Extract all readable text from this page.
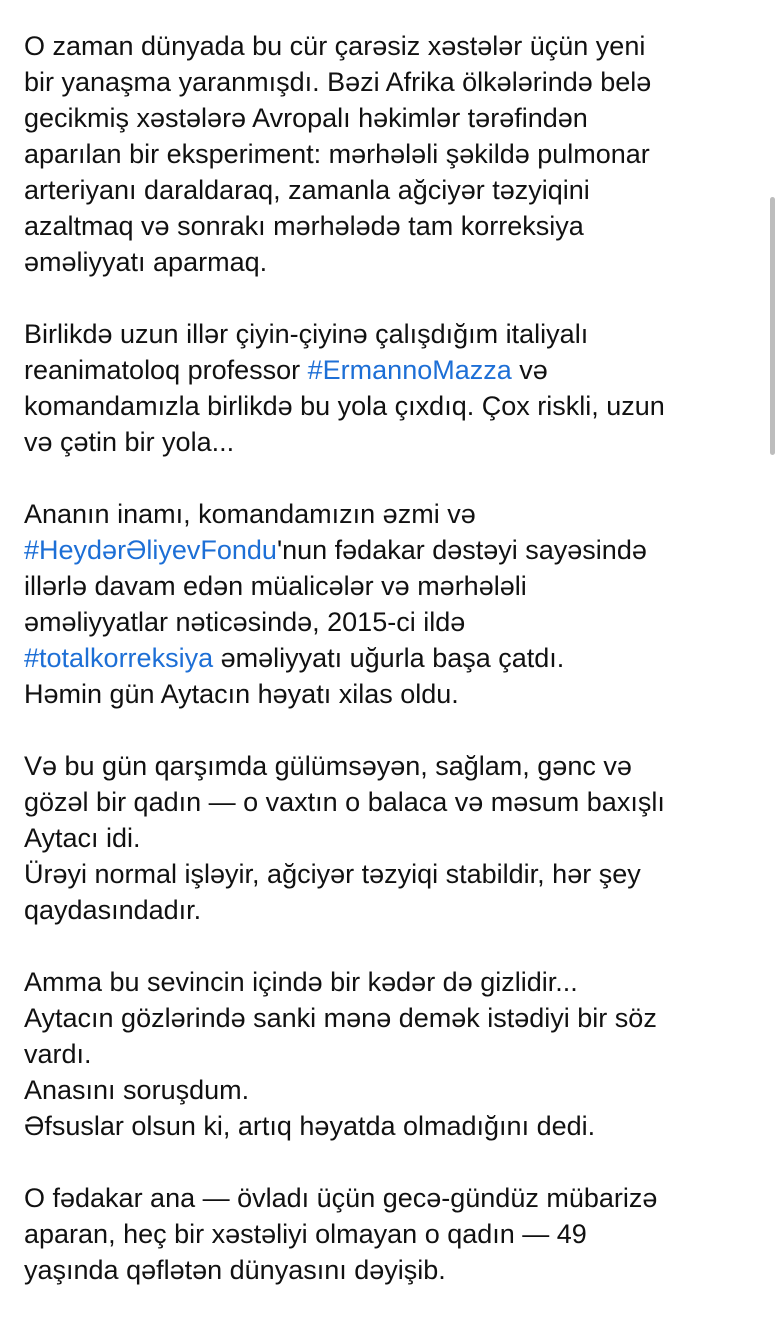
O zaman dünyada bu cür çarəsiz xəstələr üçün yeni
bir yanaşma yaranmışdı. Bəzi Afrika ölkələrində belə
gecikmiş xəstələrə Avropalı həkimlər tərəfindən
aparılan bir eksperiment: mərhələli şəkildə pulmonar
arteriyanı daraldaraq, zamanla ağciyər təzyiqini
azaltmaq və sonrakı mərhələdə tam korreksiya
əməliyyatı aparmaq.
Birlikdə uzun illər çiyin-çiyinə çalışdığım italiyalı
reanimatoloq professor #ErmannoMazza və
komandamızla birlikdə bu yola çıxdıq. Çox riskli, uzun
və çətin bir yola...
Ananın inamı, komandamızın əzmi və
#HeydərƏliyevFondu'nun fədakar dəstəyi sayəsində
illərlə davam edən müalicələr və mərhələli
əməliyyatlar nəticəsində, 2015-ci ildə
#totalkorreksiya əməliyyatı uğurla başa çatdı.
Həmin gün Aytacın həyatı xilas oldu.
Və bu gün qarşımda gülümsəyən, sağlam, gənc və
gözəl bir qadın — o vaxtın o balaca və məsum baxışlı
Aytacı idi.
Ürəyi normal işləyir, ağciyər təzyiqi stabildir, hər şey
qaydasındadır.
Amma bu sevincin içində bir kədər də gizlidir...
Aytacın gözlərində sanki mənə demək istədiyi bir söz
vardı.
Anasını soruşdum.
Əfsuslar olsun ki, artıq həyatda olmadığını dedi.
O fədakar ana — övladı üçün gecə-gündüz mübarizə
aparan, heç bir xəstəliyi olmayan o qadın — 49
yaşında qəflətən dünyasını dəyişib.
